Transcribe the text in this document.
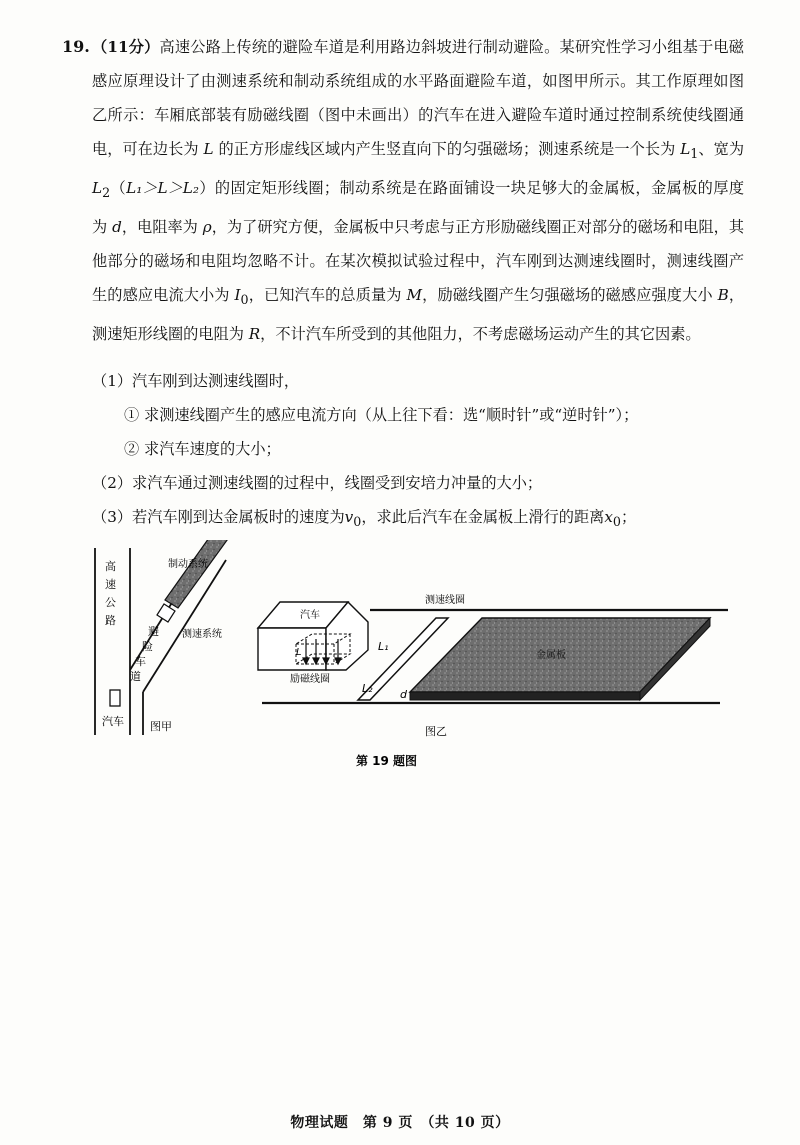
19. （11分）高速公路上传统的避险车道是利用路边斜坡进行制动避险。某研究性学习小组基于电磁感应原理设计了由测速系统和制动系统组成的水平路面避险车道，如图甲所示。其工作原理如图乙所示：车厢底部装有励磁线圈（图中未画出）的汽车在进入避险车道时通过控制系统使线圈通电，可在边长为 L 的正方形虚线区域内产生竖直向下的匀强磁场；测速系统是一个长为 $L_1$、宽为 $L_2(L_1>L>L_2)$的固定矩形线圈；制动系统是在路面铺设一块足够大的金属板，金属板的厚度为 d，电阻率为 ρ，为了研究方便，金属板中只考虑与正方形励磁线圈正对部分的磁场和电阻，其他部分的磁场和电阻均忽略不计。在某次模拟试验过程中，汽车刚到达测速线圈时，测速线圈产生的感应电流大小为 $I_0$，已知汽车的总质量为 M，励磁线圈产生匀强磁场的磁感应强度大小 B，测速矩形线圈的电阻为 R，不计汽车所受到的其他阻力，不考虑磁场运动产生的其它因素。
（1）汽车刚到达测速线圈时，
① 求测速线圈产生的感应电流方向（从上往下看：选“顺时针”或“逆时针”）；
② 求汽车速度的大小；
（2）求汽车通过测速线圈的过程中，线圈受到安培力冲量的大小；
（3）若汽车刚到达金属板时的速度为$v_0$，求此后汽车在金属板上滑行的距离$x_0$；
高
速
公
路
避
险
车
道
制动系统
测速系统
汽车 图甲
汽车
L
励磁线圈
L₁
L₂
测速线圈
金属板
d
图乙
第 19 题图
物理试题　第 9 页　（共 10 页）
